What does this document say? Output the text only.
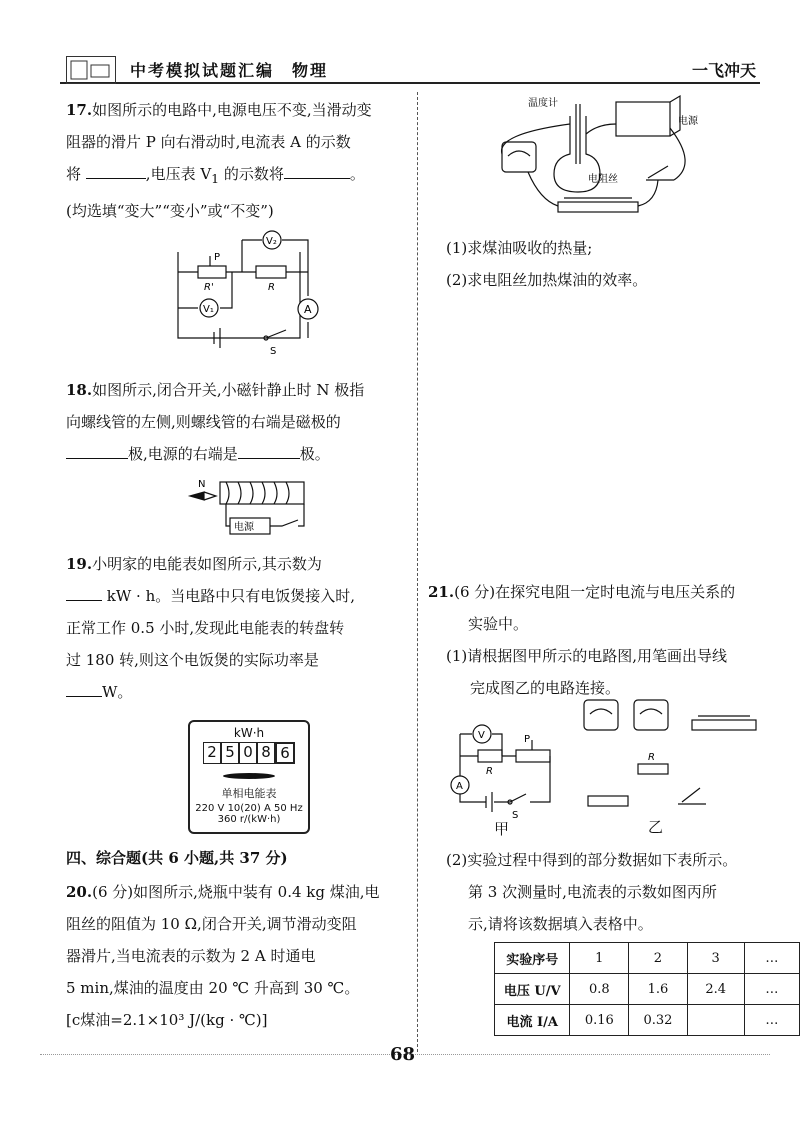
中考模拟试题汇编　物理	一飞冲天
17.如图所示的电路中,电源电压不变,当滑动变
阻器的滑片 P 向右滑动时,电流表 A 的示数
将	,电压表 $V_1$ 的示数将	。
(均选填“变大”“变小”或“不变”)
V₂
V₁	A
P
R'	R
S
18.如图所示,闭合开关,小磁针静止时 N 极指
向螺线管的左侧,则螺线管的右端是磁极的
极,电源的右端是	极。
N
电源
19.小明家的电能表如图所示,其示数为
kW · h。当电路中只有电饭煲接入时,
正常工作 0.5 小时,发现此电能表的转盘转
过 180 转,则这个电饭煲的实际功率是
W。
kW·h
2 5 0 8 6
单相电能表
220 V 10(20) A 50 Hz
360 r/(kW·h)
四、综合题(共 6 小题,共 37 分)
20.(6 分)如图所示,烧瓶中装有 0.4 kg 煤油,电
阻丝的阻值为 10 Ω,闭合开关,调节滑动变阻
器滑片,当电流表的示数为 2 A 时通电
5 min,煤油的温度由 20 ℃ 升高到 30 ℃。
[c煤油=2.1×10³ J/(kg · ℃)]
温度计
电阻丝
电源
(1)求煤油吸收的热量;
(2)求电阻丝加热煤油的效率。
21.(6 分)在探究电阻一定时电流与电压关系的
实验中。
(1)请根据图甲所示的电路图,用笔画出导线
完成图乙的电路连接。
V
A
R
P
S
甲
R
乙
(2)实验过程中得到的部分数据如下表所示。
第 3 次测量时,电流表的示数如图丙所
示,请将该数据填入表格中。
实验序号	1	2	3	…
电压 U/V	0.8	1.6	2.4	…
电流 I/A	0.16	0.32		…
68
